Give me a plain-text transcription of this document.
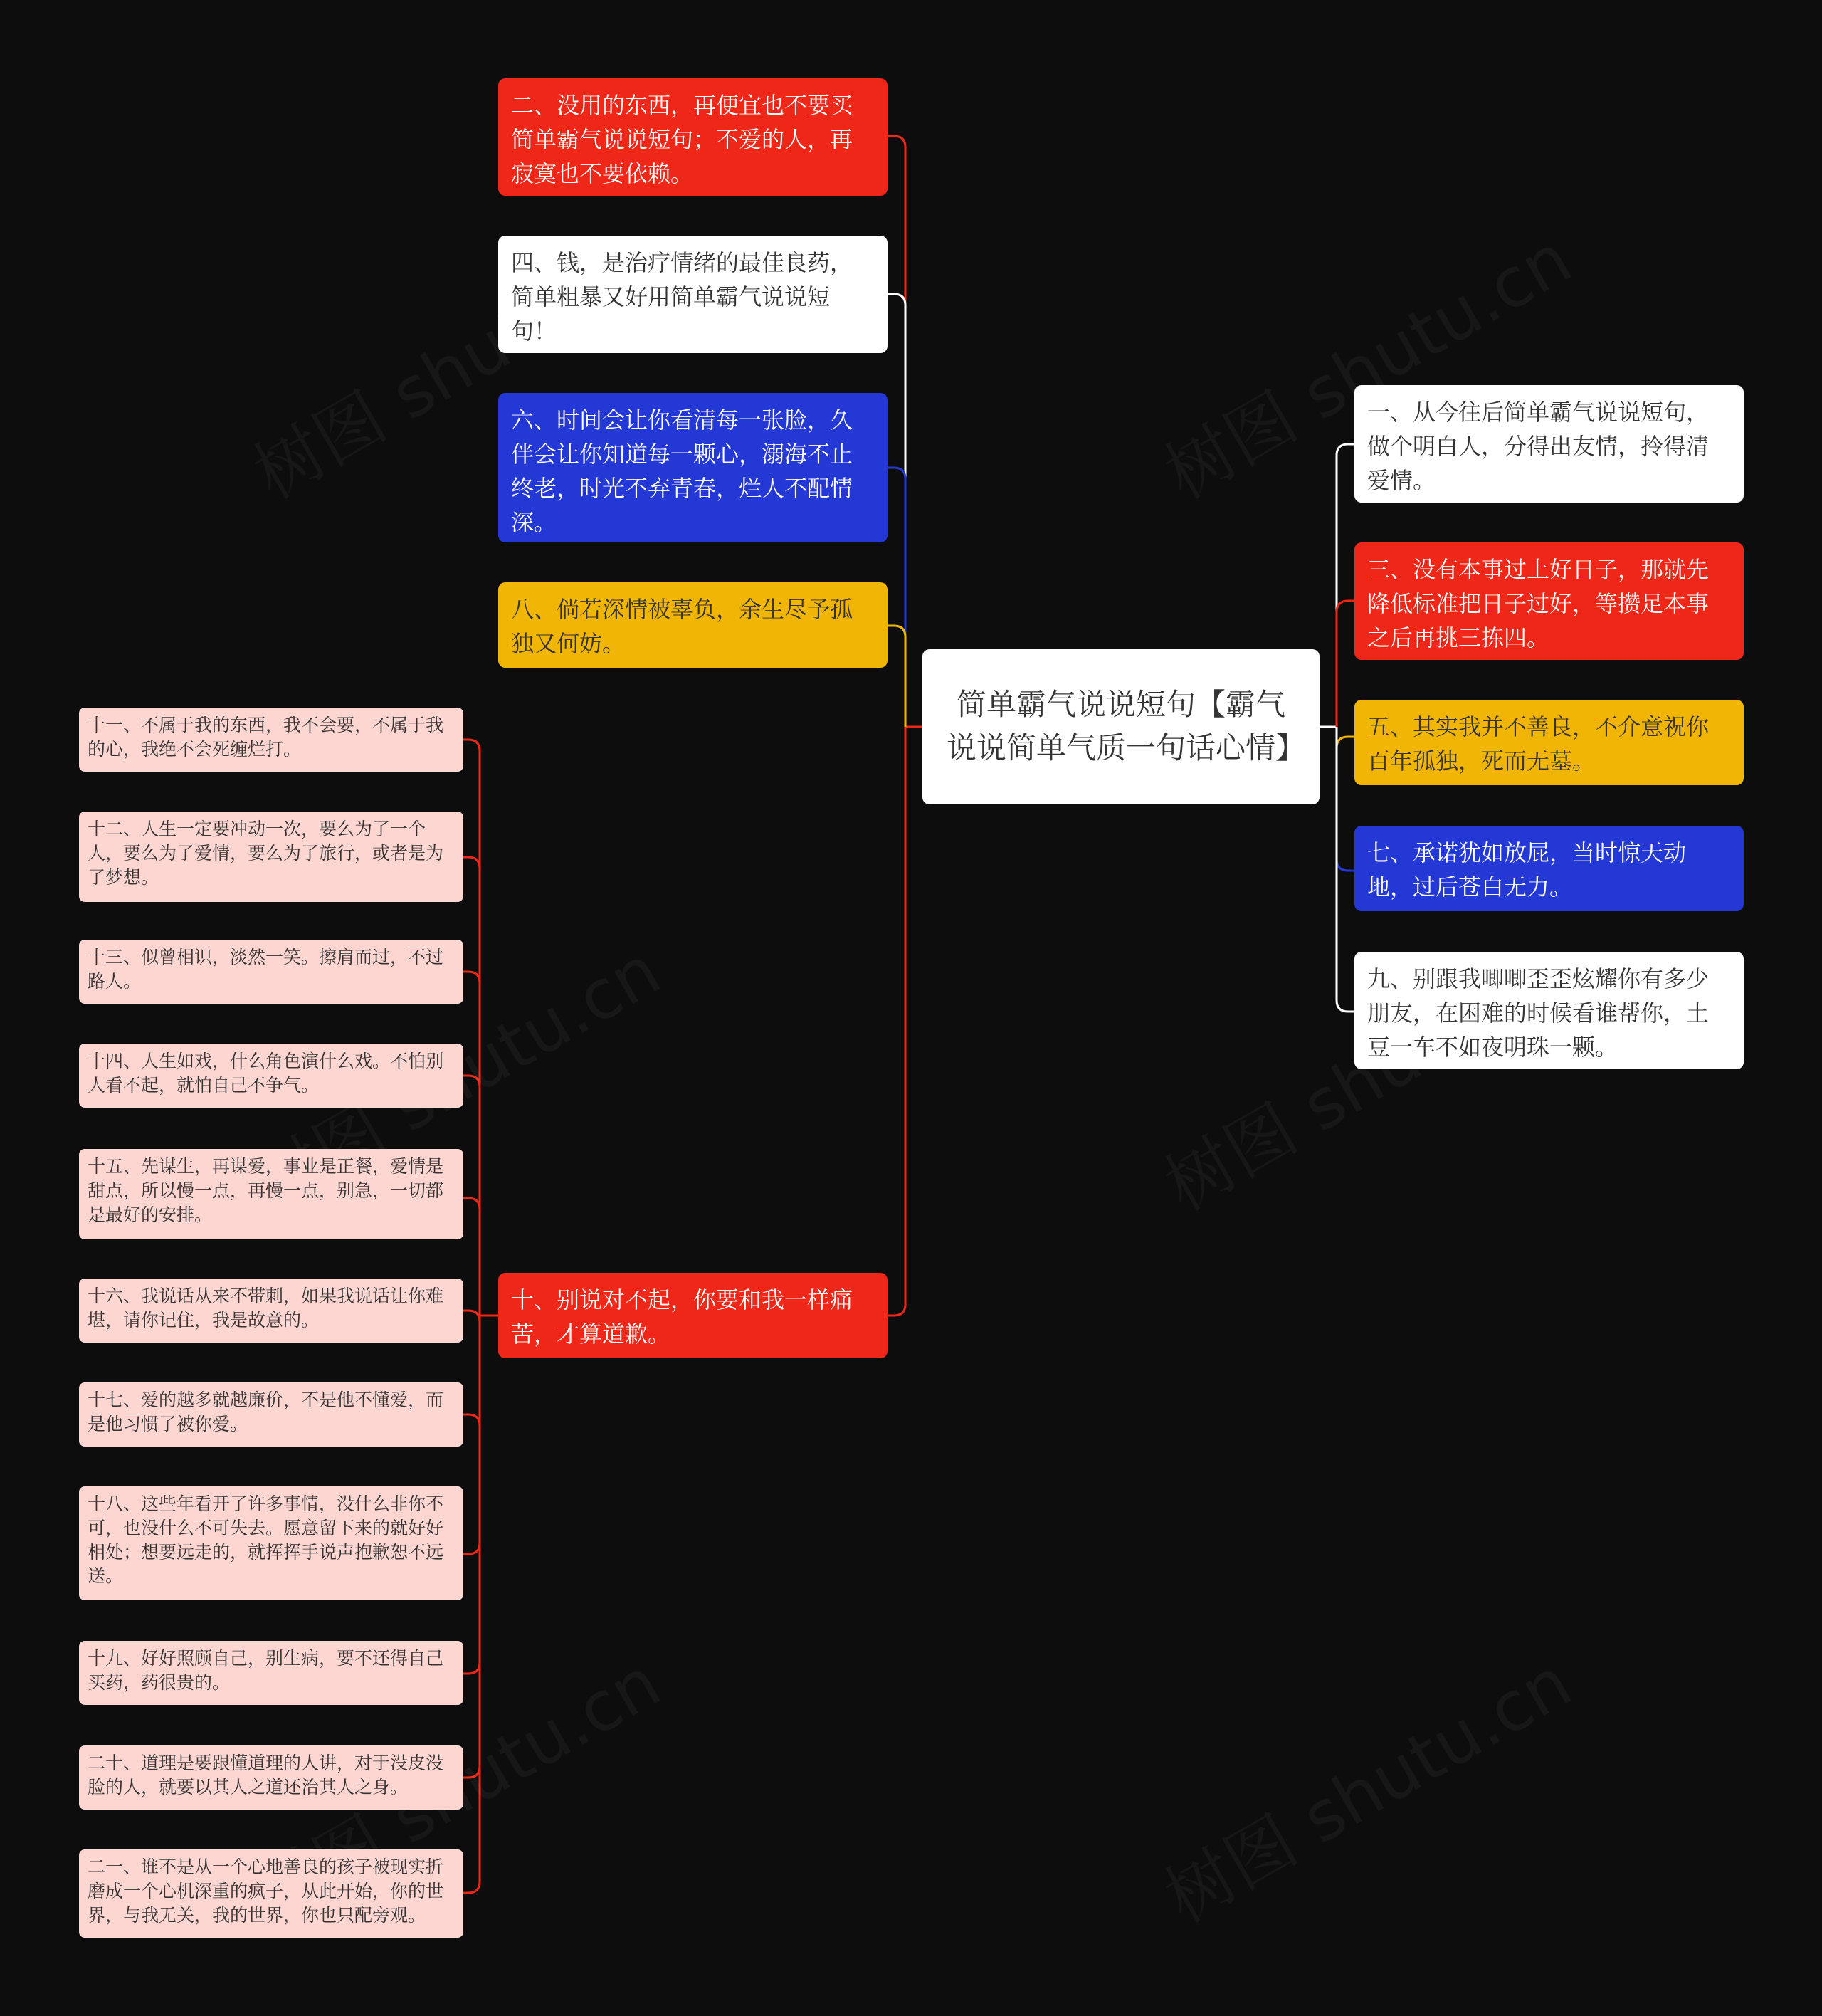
简单霸气说说短句【霸气说说简单气质一句话心情】
二、没用的东西，再便宜也不要买简单霸气说说短句；不爱的人，再寂寞也不要依赖。
四、钱，是治疗情绪的最佳良药，简单粗暴又好用简单霸气说说短句！
六、时间会让你看清每一张脸，久伴会让你知道每一颗心，溺海不止终老，时光不弃青春，烂人不配情深。
八、倘若深情被辜负，余生尽予孤独又何妨。
十、别说对不起，你要和我一样痛苦，才算道歉。
一、从今往后简单霸气说说短句，做个明白人，分得出友情，拎得清爱情。
三、没有本事过上好日子，那就先降低标准把日子过好，等攒足本事之后再挑三拣四。
五、其实我并不善良，不介意祝你百年孤独，死而无墓。
七、承诺犹如放屁，当时惊天动地，过后苍白无力。
九、别跟我唧唧歪歪炫耀你有多少朋友，在困难的时候看谁帮你，土豆一车不如夜明珠一颗。
十一、不属于我的东西，我不会要，不属于我的心，我绝不会死缠烂打。
十二、人生一定要冲动一次，要么为了一个人，要么为了爱情，要么为了旅行，或者是为了梦想。
十三、似曾相识，淡然一笑。擦肩而过，不过路人。
十四、人生如戏，什么角色演什么戏。不怕别人看不起，就怕自己不争气。
十五、先谋生，再谋爱，事业是正餐，爱情是甜点，所以慢一点，再慢一点，别急，一切都是最好的安排。
十六、我说话从来不带刺，如果我说话让你难堪，请你记住，我是故意的。
十七、爱的越多就越廉价，不是他不懂爱，而是他习惯了被你爱。
十八、这些年看开了许多事情，没什么非你不可，也没什么不可失去。愿意留下来的就好好相处；想要远走的，就挥挥手说声抱歉恕不远送。
十九、好好照顾自己，别生病，要不还得自己买药，药很贵的。
二十、道理是要跟懂道理的人讲，对于没皮没脸的人，就要以其人之道还治其人之身。
二一、谁不是从一个心地善良的孩子被现实折磨成一个心机深重的疯子，从此开始，你的世界，与我无关，我的世界，你也只配旁观。
